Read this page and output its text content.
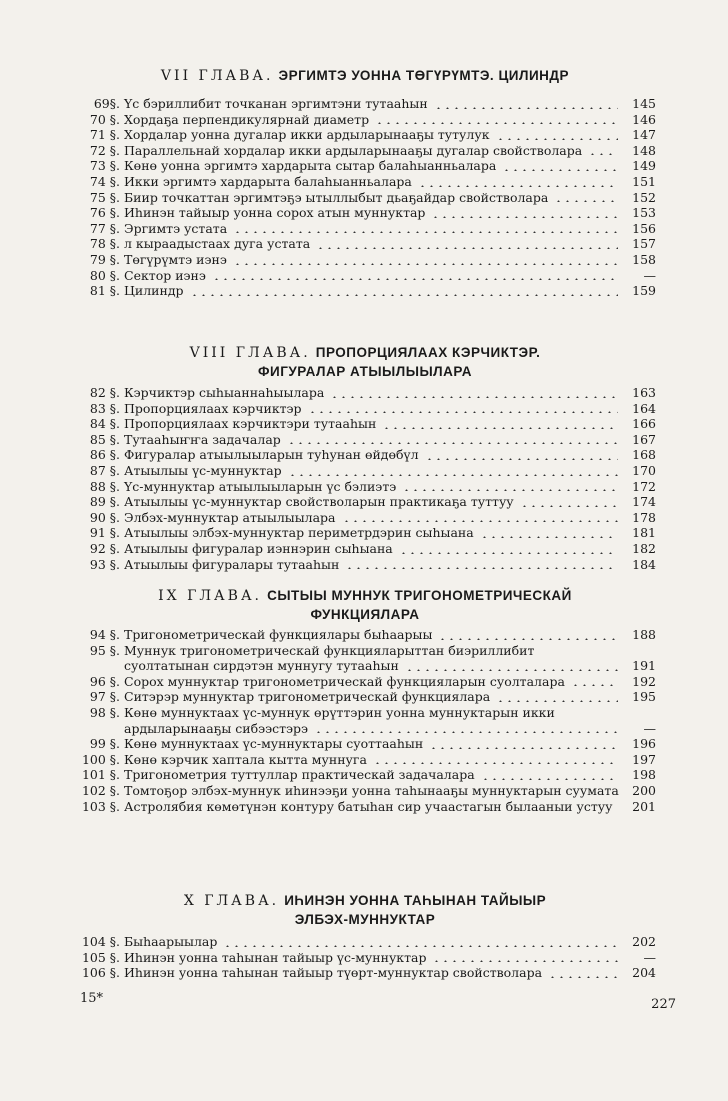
VII ГЛАВА. ЭРГИМТЭ УОННА ТӨГҮРҮМТЭ. ЦИЛИНДР
69§. Үс бэриллибит точканан эргимтэни тутааһын	145
70 §. Хордаҕа перпендикулярнай диаметр	146
71 §. Хордалар уонна дугалар икки ардыларынааҕы тутулук	147
72 §. Параллельнай хордалар икки ардыларынааҕы дугалар свойстволара	148
73 §. Көнө уонна эргимтэ хардарыта сытар балаһыанньалара	149
74 §. Икки эргимтэ хардарыта балаһыанньалара	151
75 §. Биир точкаттан эргимтэҕэ ытыллыбыт дьаҕайдар свойстволара	152
76 §. Иһинэн тайыыр уонна сорох атын муннуктар	153
77 §. Эргимтэ устата	156
78 §. л кыраадыстаах дуга устата	157
79 §. Төгүрүмтэ иэнэ	158
80 §. Сектор иэнэ	—
81 §. Цилиндр	159
VIII ГЛАВА. ПРОПОРЦИЯЛААХ КЭРЧИКТЭР.
ФИГУРАЛАР АТЫЫЛЫЫЛАРА
82 §. Кэрчиктэр сыһыаннаһыылара	163
83 §. Пропорциялаах кэрчиктэр	164
84 §. Пропорциялаах кэрчиктэри тутааһын	166
85 §. Тутааһыҥҥа задачалар	167
86 §. Фигуралар атыылыыларын туһунан өйдөбүл	168
87 §. Атыылыы үс-муннуктар	170
88 §. Үс-муннуктар атыылыыларын үс бэлиэтэ	172
89 §. Атыылыы үс-муннуктар свойстволарын практикаҕа туттуу	174
90 §. Элбэх-муннуктар атыылыылара	178
91 §. Атыылыы элбэх-муннуктар периметрдэрин сыһыана	181
92 §. Атыылыы фигуралар иэннэрин сыһыана	182
93 §. Атыылыы фигуралары тутааһын	184
IX ГЛАВА. СЫТЫЫ МУННУК ТРИГОНОМЕТРИЧЕСКАЙ
ФУНКЦИЯЛАРА
94 §. Тригонометрическай функциялары быһаарыы	188
95 §. Муннук тригонометрическай функцияларыттан биэриллибит суолтатынан сирдэтэн муннугу тутааһын	191
96 §. Сорох муннуктар тригонометрическай функцияларын суолталара	192
97 §. Ситэрэр муннуктар тригонометрическай функциялара	195
98 §. Көнө муннуктаах үс-муннук өрүттэрин уонна муннуктарын икки ардыларынааҕы сибээстэрэ	—
99 §. Көнө муннуктаах үс-муннуктары суоттааһын	196
100 §. Көнө кэрчик хаптала кытта муннуга	197
101 §. Тригонометрия туттуллар практическай задачалара	198
102 §. Томтоҕор элбэх-муннук иһинээҕи уонна таһынааҕы муннуктарын суумата	200
103 §. Астролябия көмөтүнэн контуру батыһан сир учаастагын былааныи устуу	201
X ГЛАВА. ИҺИНЭН УОННА ТАҺЫНАН ТАЙЫЫР
ЭЛБЭХ-МУННУКТАР
104 §. Быһаарыылар	202
105 §. Иһинэн уонна таһынан тайыыр үс-муннуктар	—
106 §. Иһинэн уонна таһынан тайыыр түөрт-муннуктар свойстволара	204
15*	227
